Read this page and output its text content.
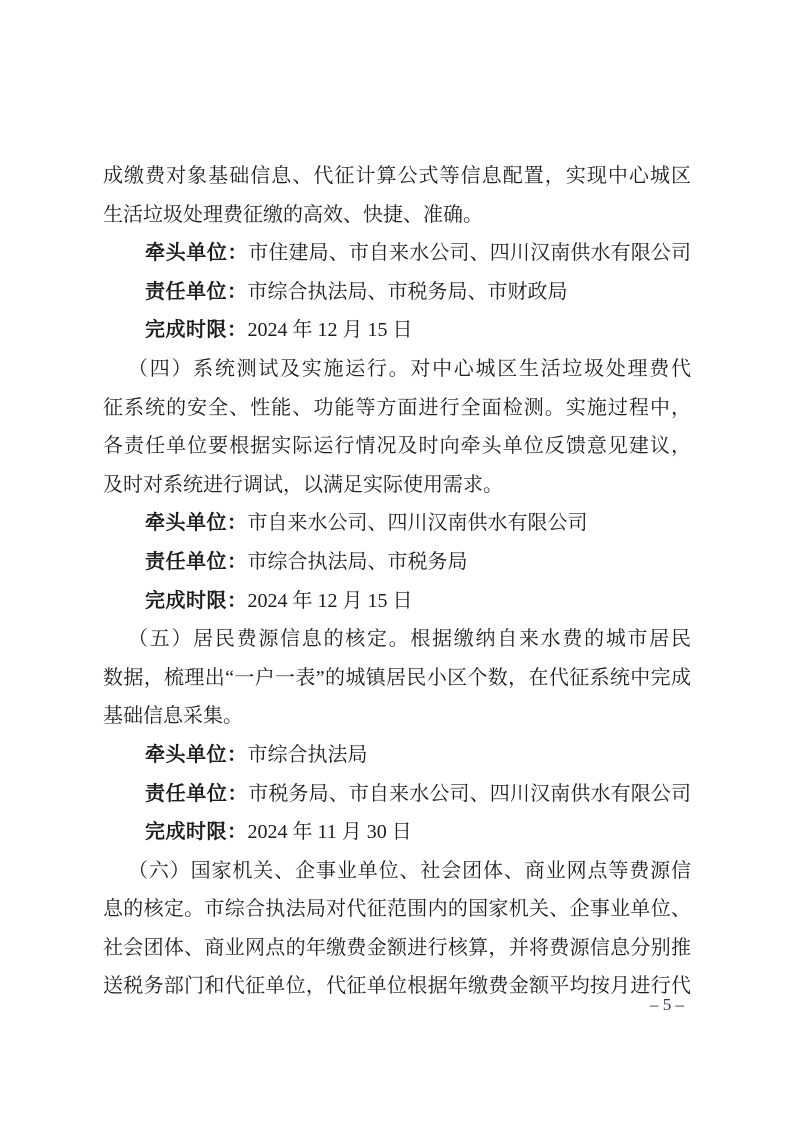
成缴费对象基础信息、代征计算公式等信息配置，实现中心城区
生活垃圾处理费征缴的高效、快捷、准确。
牵头单位：市住建局、市自来水公司、四川汉南供水有限公司
责任单位：市综合执法局、市税务局、市财政局
完成时限：2024 年 12 月 15 日
（四）系统测试及实施运行。对中心城区生活垃圾处理费代
征系统的安全、性能、功能等方面进行全面检测。实施过程中，
各责任单位要根据实际运行情况及时向牵头单位反馈意见建议，
及时对系统进行调试，以满足实际使用需求。
牵头单位：市自来水公司、四川汉南供水有限公司
责任单位：市综合执法局、市税务局
完成时限：2024 年 12 月 15 日
（五）居民费源信息的核定。根据缴纳自来水费的城市居民
数据，梳理出“一户一表”的城镇居民小区个数，在代征系统中完成
基础信息采集。
牵头单位：市综合执法局
责任单位：市税务局、市自来水公司、四川汉南供水有限公司
完成时限：2024 年 11 月 30 日
（六）国家机关、企事业单位、社会团体、商业网点等费源信
息的核定。市综合执法局对代征范围内的国家机关、企事业单位、
社会团体、商业网点的年缴费金额进行核算，并将费源信息分别推
送税务部门和代征单位，代征单位根据年缴费金额平均按月进行代
– 5 –
